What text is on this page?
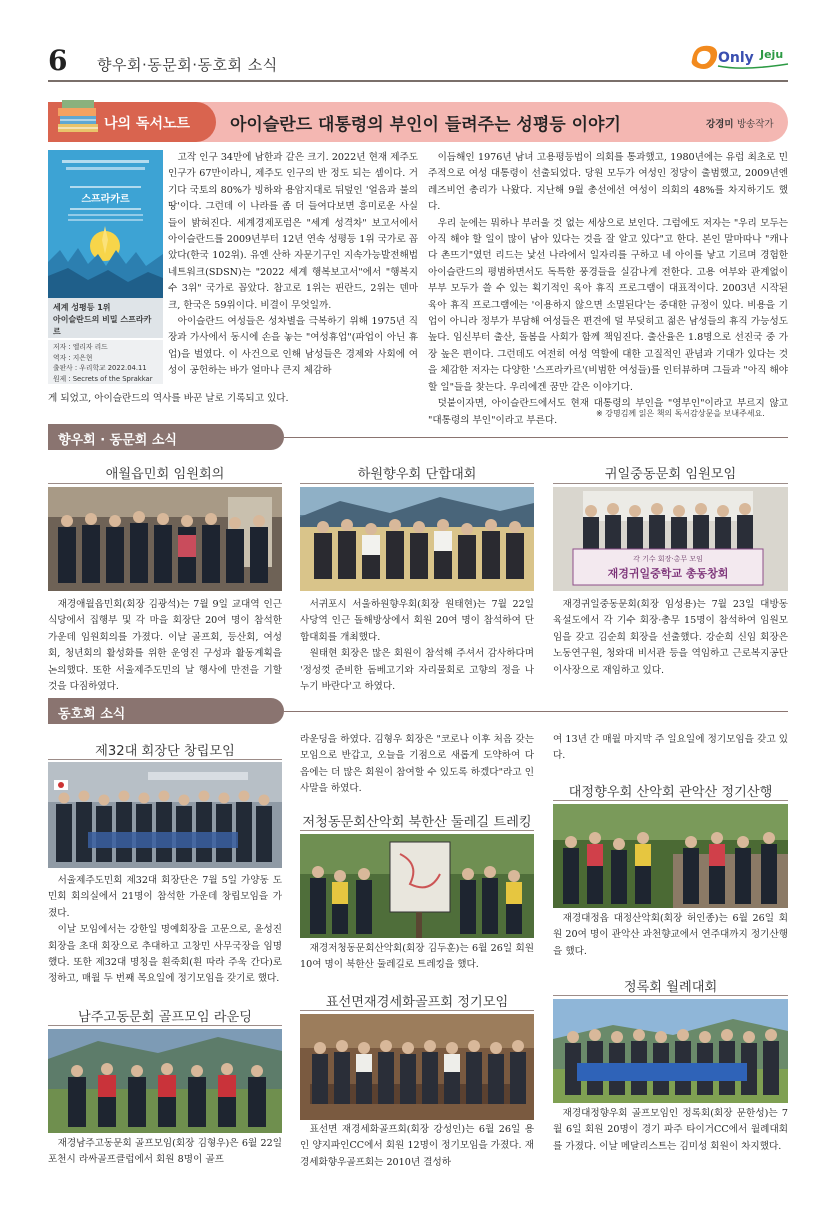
6 향우회·동문회·동호회 소식	Only Jeju
나의 독서노트 아이슬란드 대통령의 부인이 들려주는 성평등 이야기	강경미 방송작가
스프라카르
세계 성평등 1위
아이슬란드의 비밀 스프라카르
저자 : 엘리자 리드
역자 : 지은현
출판사 : 우리학교 2022.04.11
원제 : Secrets of the Sprakkar

고작 인구 34만에 남한과 같은 크기. 2022년 현재 제주도 인구가 67만이라니, 제주도 인구의 반 정도 되는 셈이다. 거기다 국토의 80%가 빙하와 용암지대로 뒤덮인 '얼음과 불의 땅'이다. 그런데 이 나라를 좀 더 들여다보면 흥미로운 사실들이 밝혀진다. 세계경제포럼은 "세계 성격차" 보고서에서 아이슬란드를 2009년부터 12년 연속 성평등 1위 국가로 꼽았다(한국 102위). 유엔 산하 자문기구인 지속가능발전해법네트워크(SDSN)는 "2022 세계 행복보고서"에서 "행복지수 3위" 국가로 꼽았다. 참고로 1위는 핀란드, 2위는 덴마크, 한국은 59위이다. 비결이 무엇일까.

아이슬란드 여성들은 성차별을 극복하기 위해 1975년 직장과 가사에서 동시에 손을 놓는 "여성휴업"(파업이 아닌 휴업)을 벌였다. 이 사건으로 인해 남성들은 경제와 사회에 여성이 공헌하는 바가 얼마나 큰지 체감하

게 되었고, 아이슬란드의 역사를 바꾼 날로 기록되고 있다.

이듬해인 1976년 남녀 고용평등법이 의회를 통과했고, 1980년에는 유럽 최초로 민주적으로 여성 대통령이 선출되었다. 당원 모두가 여성인 정당이 출범했고, 2009년엔 레즈비언 총리가 나왔다. 지난해 9월 총선에선 여성이 의회의 48%를 차지하기도 했다.

우리 눈에는 뭐하나 부러울 것 없는 세상으로 보인다. 그럼에도 저자는 "우리 모두는 아직 해야 할 일이 많이 남아 있다는 것을 잘 알고 있다"고 한다. 본인 말마따나 "캐나다 촌뜨기"였던 리드는 낯선 나라에서 일자리를 구하고 네 아이를 낳고 기르며 경험한 아이슬란드의 평범하면서도 독특한 풍경들을 실감나게 전한다. 고용 여부와 관계없이 부부 모두가 쓸 수 있는 획기적인 육아 휴직 프로그램이 대표적이다. 2003년 시작된 육아 휴직 프로그램에는 '이용하지 않으면 소멸된다'는 중대한 규정이 있다. 비용을 기업이 아니라 정부가 부담해 여성들은 편견에 덜 부딪히고 젊은 남성들의 휴직 가능성도 높다. 임신부터 출산, 돌봄을 사회가 함께 책임진다. 출산율은 1.8명으로 선진국 중 가장 높은 편이다. 그런데도 여전히 여성 역할에 대한 고질적인 관념과 기대가 있다는 것을 체감한 저자는 다양한 '스프라카르'(비범한 여성들)를 인터뷰하며 그들과 "아직 해야 할 일"들을 찾는다. 우리에겐 꿈만 같은 이야기다.

덧붙이자면, 아이슬란드에서도 현재 대통령의 부인을 "영부인"이라고 부르지 않고 "대통령의 부인"이라고 부른다.

※ 강명김께 읽은 책의 독서감상문을 보내주세요.
향우회 · 동문회 소식
애월읍민회 임원회의

재경애월읍민회(회장 김광석)는 7월 9일 교대역 인근 식당에서 집행부 및 각 마을 회장단 20여 명이 참석한 가운데 임원회의를 가졌다. 이날 골프회, 등산회, 여성회, 청년회의 활성화를 위한 운영진 구성과 활동계획을 논의했다. 또한 서울제주도민의 날 행사에 만전을 기할 것을 다짐하였다.

하원향우회 단합대회

서귀포시 서울하원향우회(회장 원태현)는 7월 22일 사당역 인근 돌해방상에서 회원 20여 명이 참석하여 단합대회를 개최했다.

원태현 회장은 많은 회원이 참석해 주셔서 감사하다며 '정성껏 준비한 돔베고기와 자리물회로 고향의 정을 나누기 바란다'고 하였다.

귀일중동문회 임원모임
각 기수 회장·총무 모임
재경귀일중학교 총동창회

재경귀일중동문회(회장 임성용)는 7월 23일 대방동 육설도에서 각 기수 회장·총무 15명이 참석하여 임원모임을 갖고 김순희 회장을 선출했다. 강순희 신임 회장은 노동연구원, 청와대 비서관 등을 역임하고 근로복지공단 이사장으로 재임하고 있다.

동호회 소식
제32대 회장단 창립모임

서울제주도민회 제32대 회장단은 7월 5일 가양동 도민회 회의실에서 21명이 참석한 가운데 창립모임을 가졌다.

이날 모임에서는 강한일 명예회장을 고문으로, 윤성진 회장을 초대 회장으로 추대하고 고창민 사무국장을 임명했다. 또한 제32대 명칭을 흰죽회(흰 따라 주욱 간다)로 정하고, 매월 두 번째 목요일에 정기모임을 갖기로 했다.

남주고동문회 골프모임 라운딩

재경남주고동문회 골프모임(회장 김형우)은 6월 22일 포천시 라싸골프클럽에서 회원 8명이 골프

라운딩을 하였다. 김형우 회장은 "코로나 이후 처음 갖는 모임으로 반갑고, 오늘을 기점으로 새롭게 도약하여 다음에는 더 많은 회원이 참여할 수 있도록 하겠다"라고 인사말을 하였다.

저청동문회산악회 북한산 둘레길 트레킹

재경저청동문회산악회(회장 김두훈)는 6월 26일 회원 10여 명이 북한산 둘레길로 트레킹을 했다.

표선면재경세화골프회 정기모임

표선면 재경세화골프회(회장 강성인)는 6월 26일 용인 양지파인CC에서 회원 12명이 정기모임을 가졌다. 재경세화향우골프회는 2010년 결성하

여 13년 간 매월 마지막 주 일요일에 정기모임을 갖고 있다.

대정향우회 산악회 관악산 정기산행

재경대정읍 대정산악회(회장 허인종)는 6월 26일 회원 20여 명이 관악산 과천향교에서 연주대까지 정기산행을 했다.

정록회 월례대회

재경대정향우회 골프모임인 정록회(회장 문한성)는 7월 6일 회원 20명이 경기 파주 타이거CC에서 월례대회를 가졌다. 이날 메달리스트는 김미성 회원이 차지했다.
